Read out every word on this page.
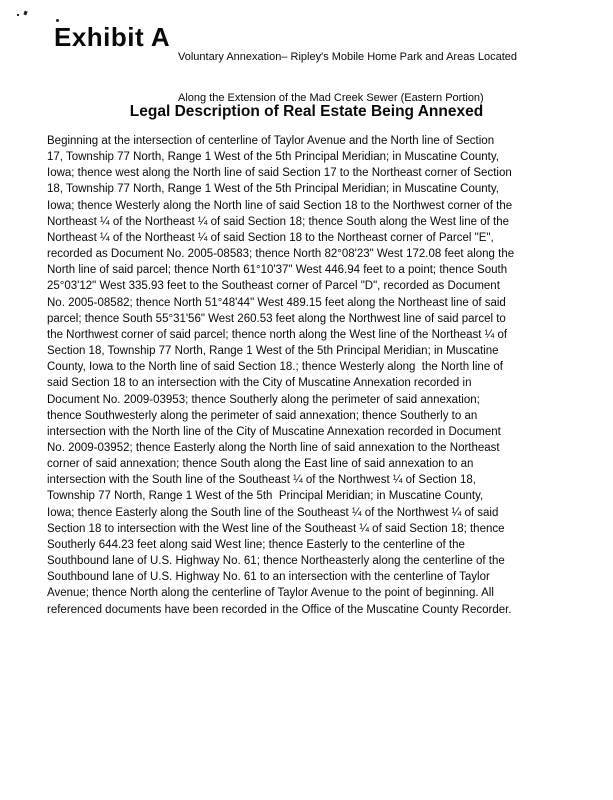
Exhibit A

Voluntary Annexation– Ripley's Mobile Home Park and Areas Located

Along the Extension of the Mad Creek Sewer (Eastern Portion)

Legal Description of Real Estate Being Annexed
Beginning at the intersection of centerline of Taylor Avenue and the North line of Section
17, Township 77 North, Range 1 West of the 5th Principal Meridian; in Muscatine County,
Iowa; thence west along the North line of said Section 17 to the Northeast corner of Section
18, Township 77 North, Range 1 West of the 5th Principal Meridian; in Muscatine County,
Iowa; thence Westerly along the North line of said Section 18 to the Northwest corner of the
Northeast ¼ of the Northeast ¼ of said Section 18; thence South along the West line of the
Northeast ¼ of the Northeast ¼ of said Section 18 to the Northeast corner of Parcel "E",
recorded as Document No. 2005-08583; thence North 82°08'23" West 172.08 feet along the
North line of said parcel; thence North 61°10'37" West 446.94 feet to a point; thence South
25°03'12" West 335.93 feet to the Southeast corner of Parcel "D", recorded as Document
No. 2005-08582; thence North 51°48'44" West 489.15 feet along the Northeast line of said
parcel; thence South 55°31'56" West 260.53 feet along the Northwest line of said parcel to
the Northwest corner of said parcel; thence north along the West line of the Northeast ¼ of
Section 18, Township 77 North, Range 1 West of the 5th Principal Meridian; in Muscatine
County, Iowa to the North line of said Section 18.; thence Westerly along  the North line of
said Section 18 to an intersection with the City of Muscatine Annexation recorded in
Document No. 2009-03953; thence Southerly along the perimeter of said annexation;
thence Southwesterly along the perimeter of said annexation; thence Southerly to an
intersection with the North line of the City of Muscatine Annexation recorded in Document
No. 2009-03952; thence Easterly along the North line of said annexation to the Northeast
corner of said annexation; thence South along the East line of said annexation to an
intersection with the South line of the Southeast ¼ of the Northwest ¼ of Section 18,
Township 77 North, Range 1 West of the 5th  Principal Meridian; in Muscatine County,
Iowa; thence Easterly along the South line of the Southeast ¼ of the Northwest ¼ of said
Section 18 to intersection with the West line of the Southeast ¼ of said Section 18; thence
Southerly 644.23 feet along said West line; thence Easterly to the centerline of the
Southbound lane of U.S. Highway No. 61; thence Northeasterly along the centerline of the
Southbound lane of U.S. Highway No. 61 to an intersection with the centerline of Taylor
Avenue; thence North along the centerline of Taylor Avenue to the point of beginning. All
referenced documents have been recorded in the Office of the Muscatine County Recorder.
